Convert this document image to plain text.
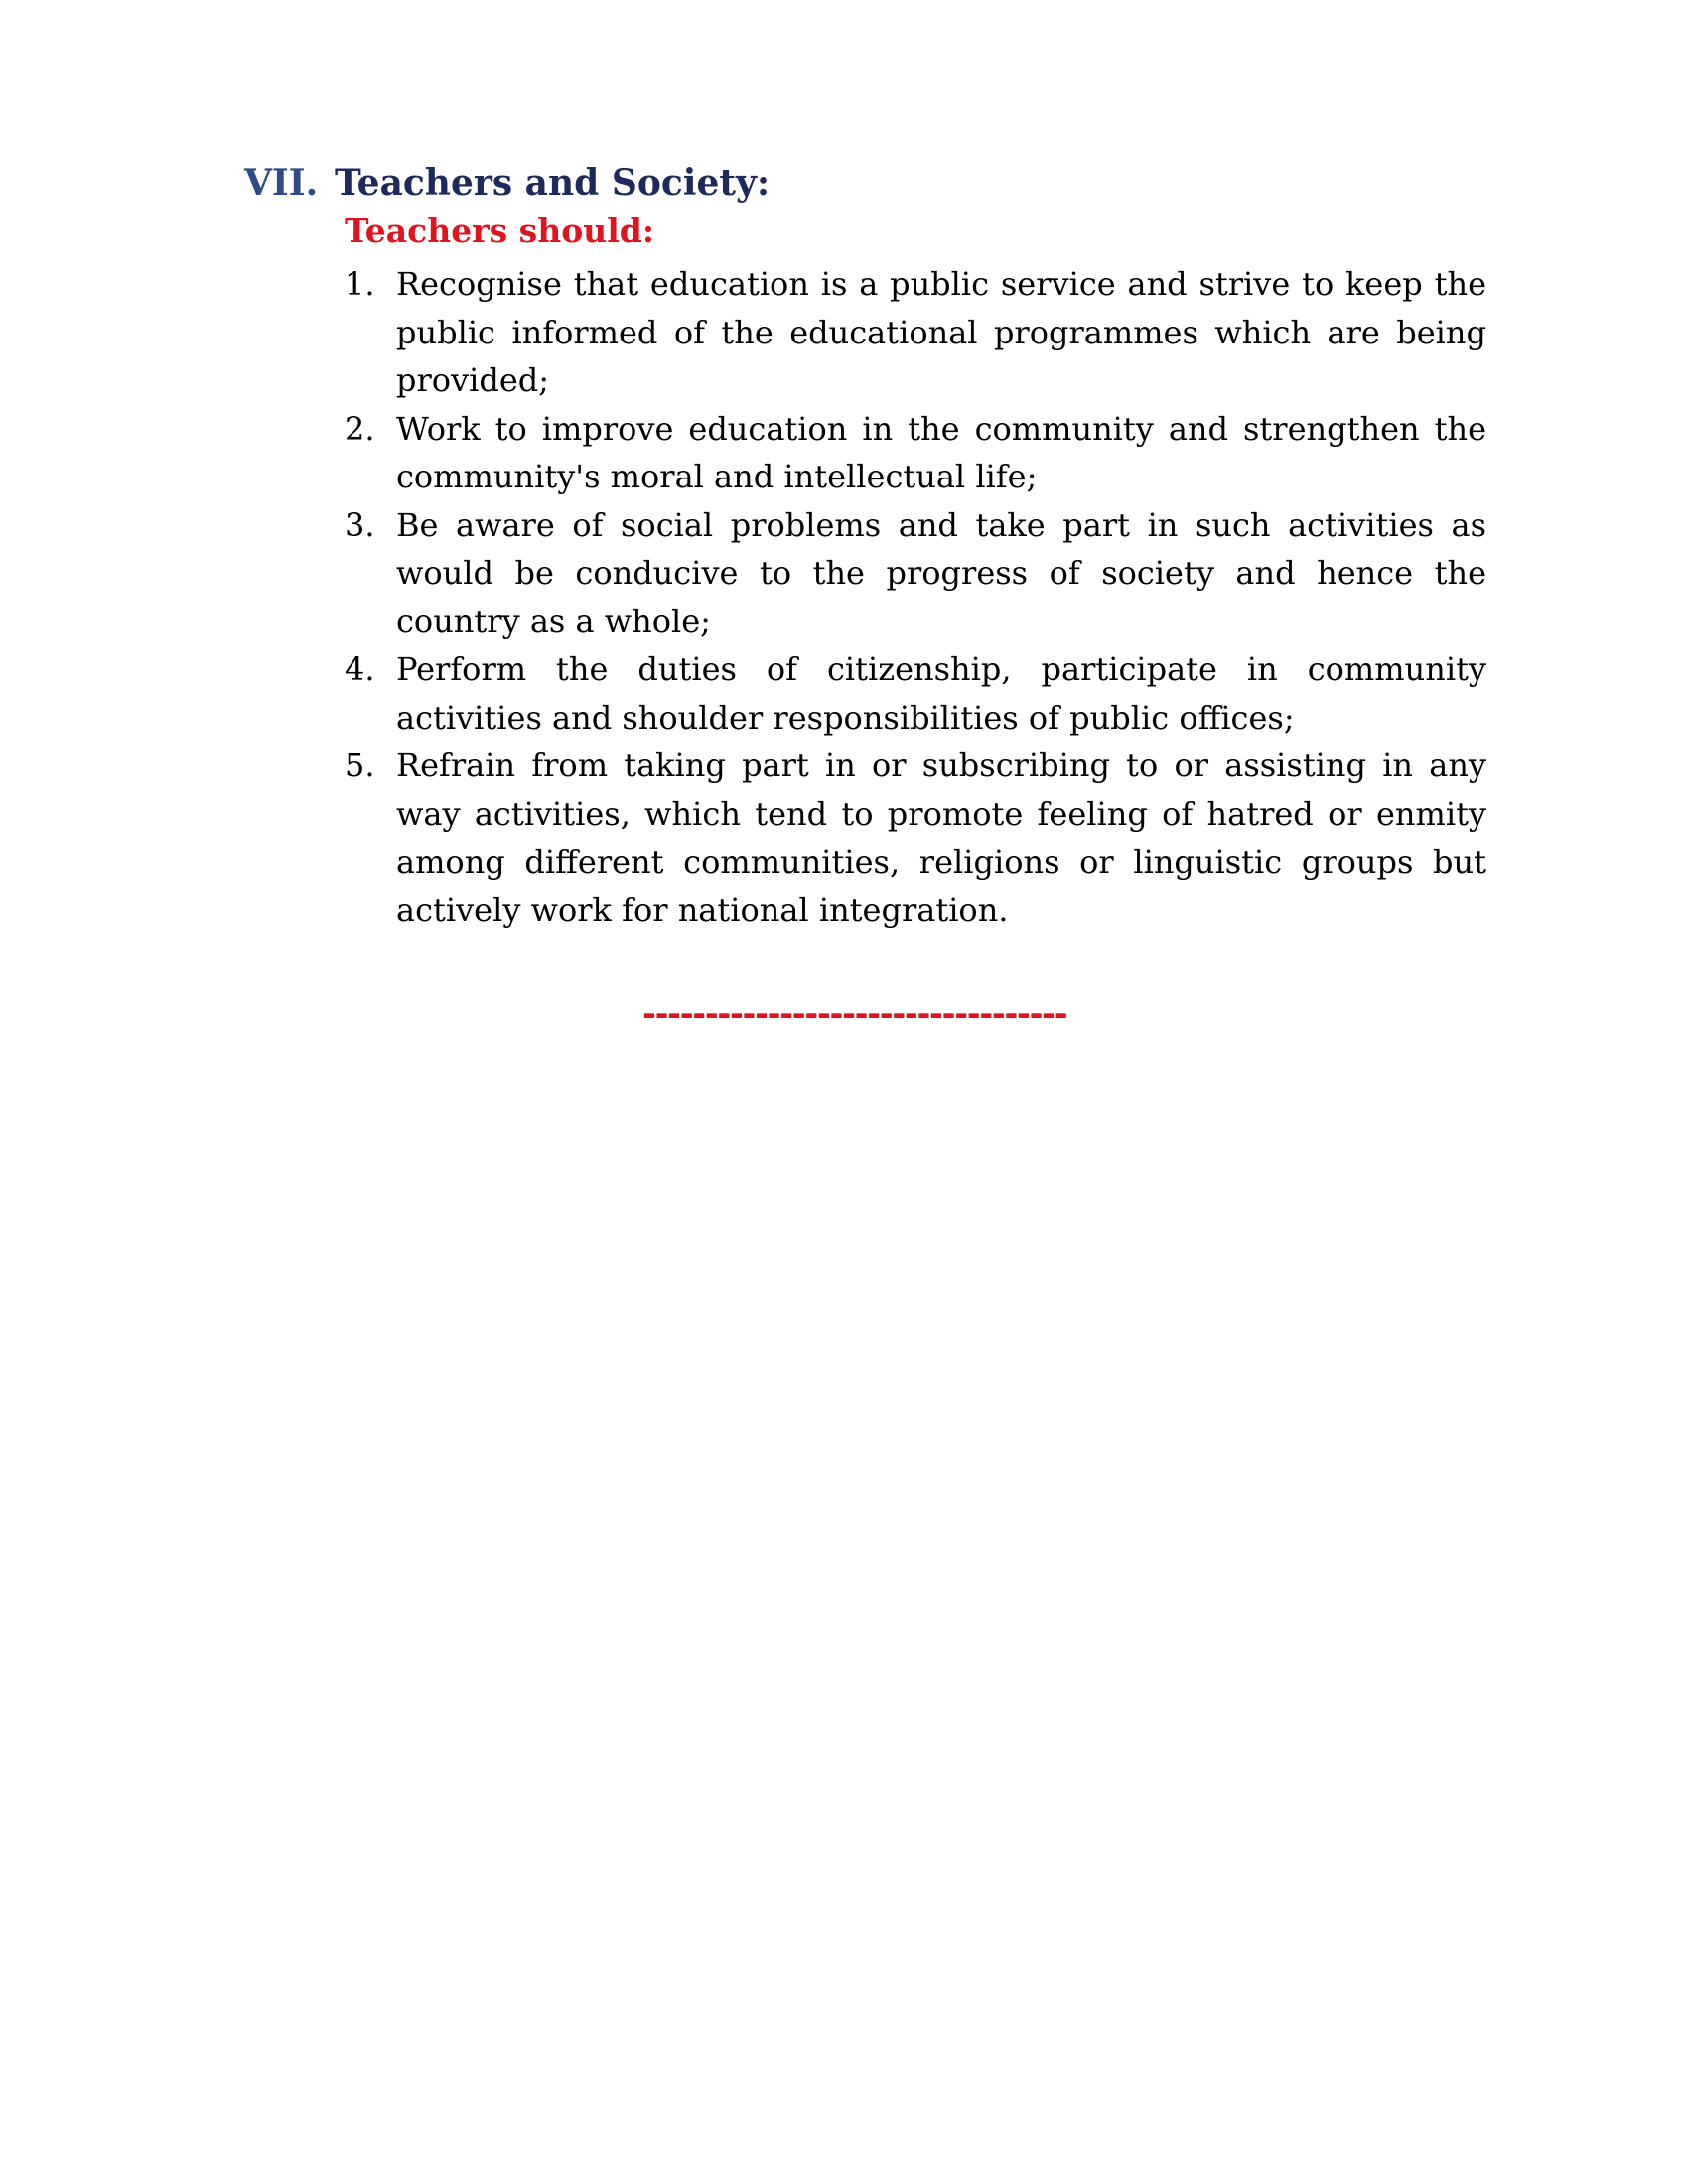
VII. Teachers and Society:
Teachers should:
1. Recognise that education is a public service and strive to keep the public informed of the educational programmes which are being provided;
2. Work to improve education in the community and strengthen the community's moral and intellectual life;
3. Be aware of social problems and take part in such activities as would be conducive to the progress of society and hence the country as a whole;
4. Perform the duties of citizenship, participate in community activities and shoulder responsibilities of public offices;
5. Refrain from taking part in or subscribing to or assisting in any way activities, which tend to promote feeling of hatred or enmity among different communities, religions or linguistic groups but actively work for national integration.
----------------------------------
